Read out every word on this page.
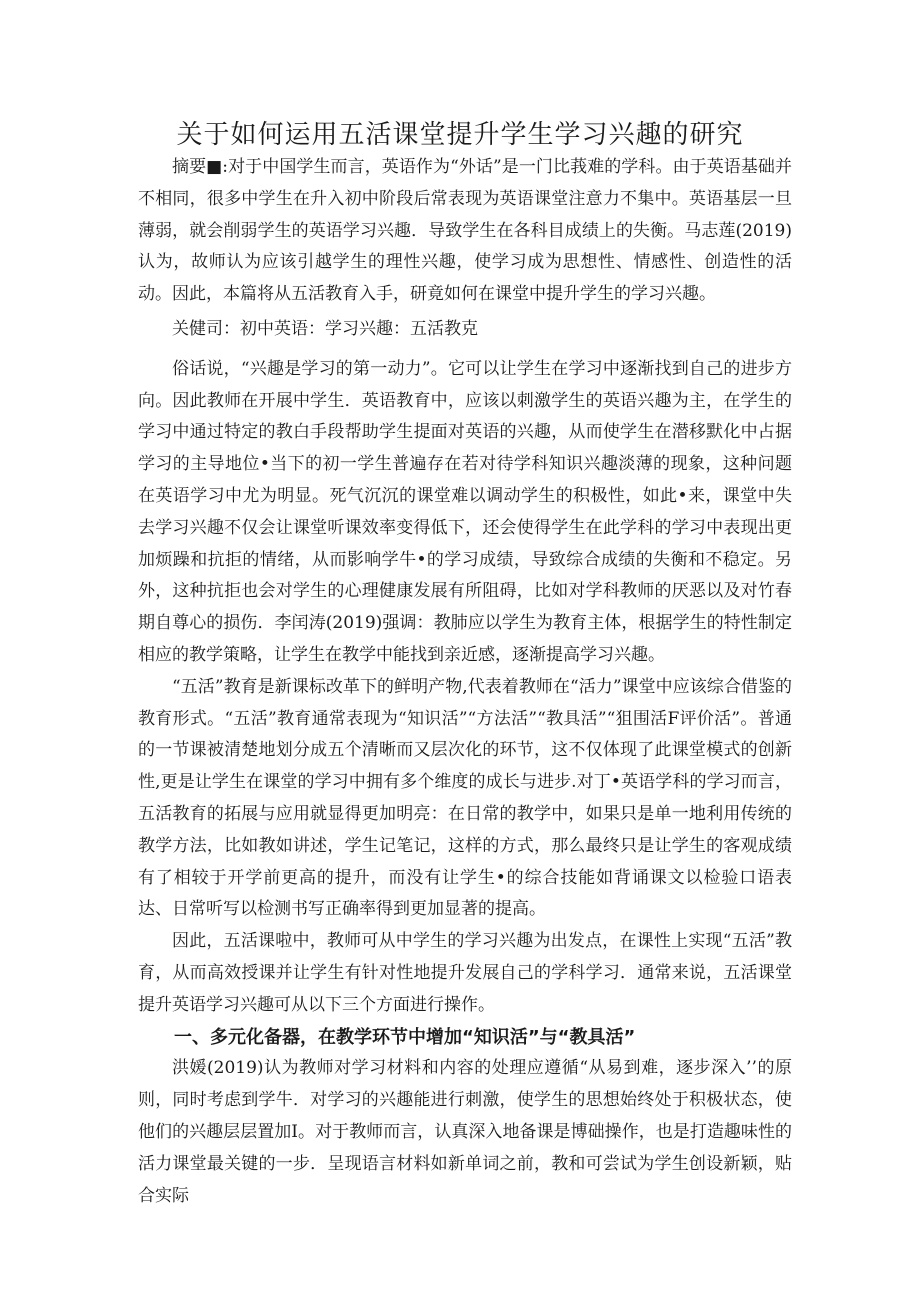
关于如何运用五活课堂提升学生学习兴趣的研究

摘要■:对于中国学生而言，英语作为“外话”是一门比莪难的学科。由于英语基础并不相同，很多中学生在升入初中阶段后常表现为英语课堂注意力不集中。英语基层一旦薄弱，就会削弱学生的英语学习兴趣．导致学生在各科目成绩上的失衡。马志莲(2019)认为，故师认为应该引越学生的理性兴趣，使学习成为思想性、情感性、创造性的活动。因此，本篇将从五活教育入手，研竟如何在课堂中提升学生的学习兴趣。

关健司：初中英语：学习兴趣：五活教克

俗话说，“兴趣是学习的第一动力”。它可以让学生在学习中逐渐找到自己的进步方向。因此教师在开展中学生．英语教育中，应该以刺激学生的英语兴趣为主，在学生的学习中通过特定的教白手段帮助学生提面对英语的兴趣，从而使学生在潜移默化中占据学习的主导地位•当下的初一学生普遍存在若对待学科知识兴趣淡薄的现象，这种问题在英语学习中尤为明显。死气沉沉的课堂难以调动学生的积极性，如此•来，课堂中失去学习兴趣不仅会让课堂听课效率变得低下，还会使得学生在此学科的学习中表现出更加烦躁和抗拒的情绪，从而影响学牛•的学习成绩，导致综合成绩的失衡和不稳定。另外，这种抗拒也会对学生的心理健康发展有所阻碍，比如对学科教师的厌恶以及对竹春期自尊心的损伤．李闰涛(2019)强调：教肺应以学生为教育主体，根据学生的特性制定相应的教学策略，让学生在教学中能找到亲近感，逐渐提高学习兴趣。

“五活”教育是新课标改革下的鲜明产物,代表着教师在“活力”课堂中应该综合借鉴的教育形式。“五活”教育通常表现为“知识活”“方法活”“教具活”“狙围活F评价活”。普通的一节课被清楚地划分成五个清晰而又层次化的环节，这不仅体现了此课堂模式的创新性,更是让学生在课堂的学习中拥有多个维度的成长与进步.对丁•英语学科的学习而言，五活教育的拓展与应用就显得更加明亮：在日常的教学中，如果只是单一地利用传统的教学方法，比如教如讲述，学生记笔记，这样的方式，那么最终只是让学生的客观成绩有了相较于开学前更高的提升，而没有让学生•的综合技能如背诵课文以检验口语表达、日常听写以检测书写正确率得到更加显著的提高。

因此，五活课啦中，教师可从中学生的学习兴趣为出发点，在课性上实现“五活”教育，从而高效授课并让学生有针对性地提升发展自己的学科学习．通常来说，五活课堂提升英语学习兴趣可从以下三个方面进行操作。

一、多元化备器，在教学环节中增加“知识活”与“教具活”

洪媛(2019)认为教师对学习材料和内容的处理应遵循“从易到难，逐步深入’’的原则，同时考虑到学牛．对学习的兴趣能进行刺激，使学生的思想始终处于积极状态，使他们的兴趣层层置加I。对于教师而言，认真深入地备课是博础操作，也是打造趣味性的活力课堂最关键的一步．呈现语言材料如新单词之前，教和可尝试为学生创设新颖，贴合实际
